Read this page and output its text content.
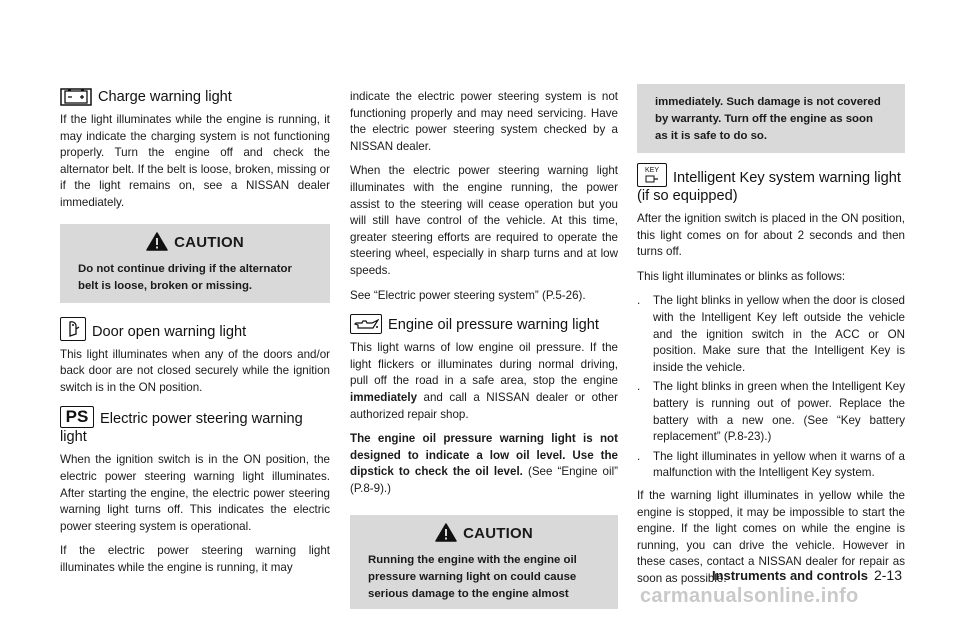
Charge warning light

If the light illuminates while the engine is running, it may indicate the charging system is not functioning properly. Turn the engine off and check the alternator belt. If the belt is loose, broken, missing or if the light remains on, see a NISSAN dealer immediately.

CAUTION
Do not continue driving if the alternator belt is loose, broken or missing.
Door open warning light

This light illuminates when any of the doors and/or back door are not closed securely while the ignition switch is in the ON position.

PS Electric power steering warning
light

When the ignition switch is in the ON position, the electric power steering warning light illuminates. After starting the engine, the electric power steering warning light turns off. This indicates the electric power steering system is operational.

If the electric power steering warning light illuminates while the engine is running, it may

indicate the electric power steering system is not functioning properly and may need servicing. Have the electric power steering system checked by a NISSAN dealer.

When the electric power steering warning light illuminates with the engine running, the power assist to the steering will cease operation but you will still have control of the vehicle. At this time, greater steering efforts are required to operate the steering wheel, especially in sharp turns and at low speeds.

See “Electric power steering system” (P.5-26).

Engine oil pressure warning light

This light warns of low engine oil pressure. If the light flickers or illuminates during normal driving, pull off the road in a safe area, stop the engine immediately and call a NISSAN dealer or other authorized repair shop.

The engine oil pressure warning light is not designed to indicate a low oil level. Use the dipstick to check the oil level. (See “Engine oil” (P.8-9).)

CAUTION
Running the engine with the engine oil pressure warning light on could cause serious damage to the engine almost
immediately. Such damage is not covered by warranty. Turn off the engine as soon as it is safe to do so.
KEY Intelligent Key system warning light
(if so equipped)

After the ignition switch is placed in the ON position, this light comes on for about 2 seconds and then turns off.

This light illuminates or blinks as follows:

.	The light blinks in yellow when the door is closed with the Intelligent Key left outside the vehicle and the ignition switch in the ACC or ON position. Make sure that the Intelligent Key is inside the vehicle.
.	The light blinks in green when the Intelligent Key battery is running out of power. Replace the battery with a new one. (See “Key battery replacement” (P.8-23).)
.	The light illuminates in yellow when it warns of a malfunction with the Intelligent Key system.

If the warning light illuminates in yellow while the engine is stopped, it may be impossible to start the engine. If the light comes on while the engine is running, you can drive the vehicle. However in these cases, contact a NISSAN dealer for repair as soon as possible.

Instruments and controls 2-13
carmanualsonline.info
